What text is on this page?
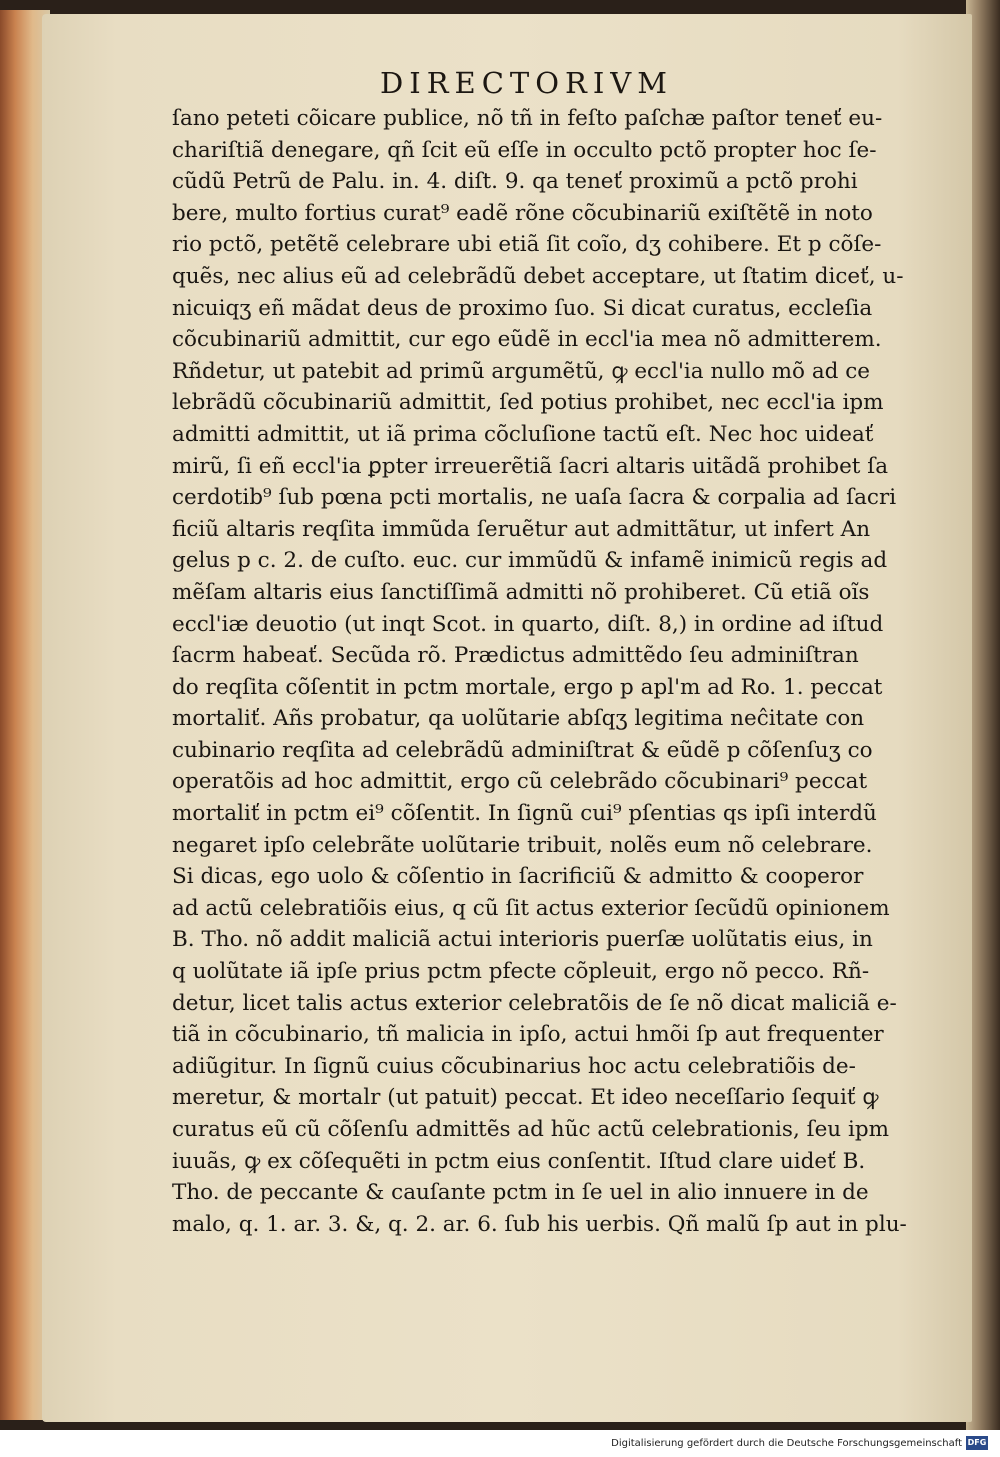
DIRECTORIVM
ſano peteti cõicare publice, nõ tñ in feſto paſchæ paſtor teneť eu-
chariſtiã denegare, qñ ſcit eũ eſſe in occulto pctõ propter hoc ſe-
cũdũ Petrũ de Palu. in. 4. diſt. 9. qa teneť proximũ a pctõ prohi
bere, multo fortius curat⁹ eadẽ rõne cõcubinariũ exiſtẽtẽ in noto
rio pctõ, petẽtẽ celebrare ubi etiã ſit coĩo, dʒ cohibere. Et p cõſe-
quẽs, nec alius eũ ad celebrãdũ debet acceptare, ut ſtatim diceť, u-
nicuiqʒ eñ mãdat deus de proximo ſuo. Si dicat curatus, eccleſia
cõcubinariũ admittit, cur ego eũdẽ in eccl'ia mea nõ admitterem.
Rñdetur, ut patebit ad primũ argumẽtũ, ꝙ eccl'ia nullo mõ ad ce
lebrãdũ cõcubinariũ admittit, ſed potius prohibet, nec eccl'ia ipm
admitti admittit, ut iã prima cõcluſione tactũ eſt. Nec hoc uideať
mirũ, ſi eñ eccl'ia ꝑpter irreuerẽtiã ſacri altaris uitãdã prohibet ſa
cerdotib⁹ ſub pœna pcti mortalis, ne uaſa ſacra & corpalia ad ſacri
ficiũ altaris reqſita immũda ſeruẽtur aut admittãtur, ut infert An
gelus p c. 2. de cuſto. euc. cur immũdũ & infamẽ inimicũ regis ad
mẽſam altaris eius ſanctiſſimã admitti nõ prohiberet. Cũ etiã oĩs
eccl'iæ deuotio (ut inqt Scot. in quarto, diſt. 8,) in ordine ad iſtud
ſacrm habeať. Secũda rõ. Prædictus admittẽdo ſeu adminiſtran
do reqſita cõſentit in pctm mortale, ergo p apl'm ad Ro. 1. peccat
mortaliť. Añs probatur, qa uolũtarie abſqʒ legitima neĉitate con
cubinario reqſita ad celebrãdũ adminiſtrat & eũdẽ p cõſenſuʒ co
operatõis ad hoc admittit, ergo cũ celebrãdo cõcubinari⁹ peccat
mortaliť in pctm ei⁹ cõſentit. In ſignũ cui⁹ pſentias qs ipſi interdũ
negaret ipſo celebrãte uolũtarie tribuit, nolẽs eum nõ celebrare.
Si dicas, ego uolo & cõſentio in ſacrificiũ & admitto & cooperor
ad actũ celebratiõis eius, q cũ ſit actus exterior ſecũdũ opinionem
B. Tho. nõ addit maliciã actui interioris puerſæ uolũtatis eius, in
q uolũtate iã ipſe prius pctm pfecte cõpleuit, ergo nõ pecco. Rñ-
detur, licet talis actus exterior celebratõis de ſe nõ dicat maliciã e-
tiã in cõcubinario, tñ malicia in ipſo, actui hmõi ſp aut frequenter
adiũgitur. In ſignũ cuius cõcubinarius hoc actu celebratiõis de-
meretur, & mortalr (ut patuit) peccat. Et ideo neceſſario ſequiť ꝙ
curatus eũ cũ cõſenſu admittẽs ad hũc actũ celebrationis, ſeu ipm
iuuãs, ꝙ ex cõſequẽti in pctm eius conſentit. Iſtud clare uideť B.
Tho. de peccante & cauſante pctm in ſe uel in alio innuere in de
malo, q. 1. ar. 3. &, q. 2. ar. 6. ſub his uerbis. Qñ malũ ſp aut in plu-
Digitalisierung gefördert durch die Deutsche Forschungsgemeinschaft DFG
